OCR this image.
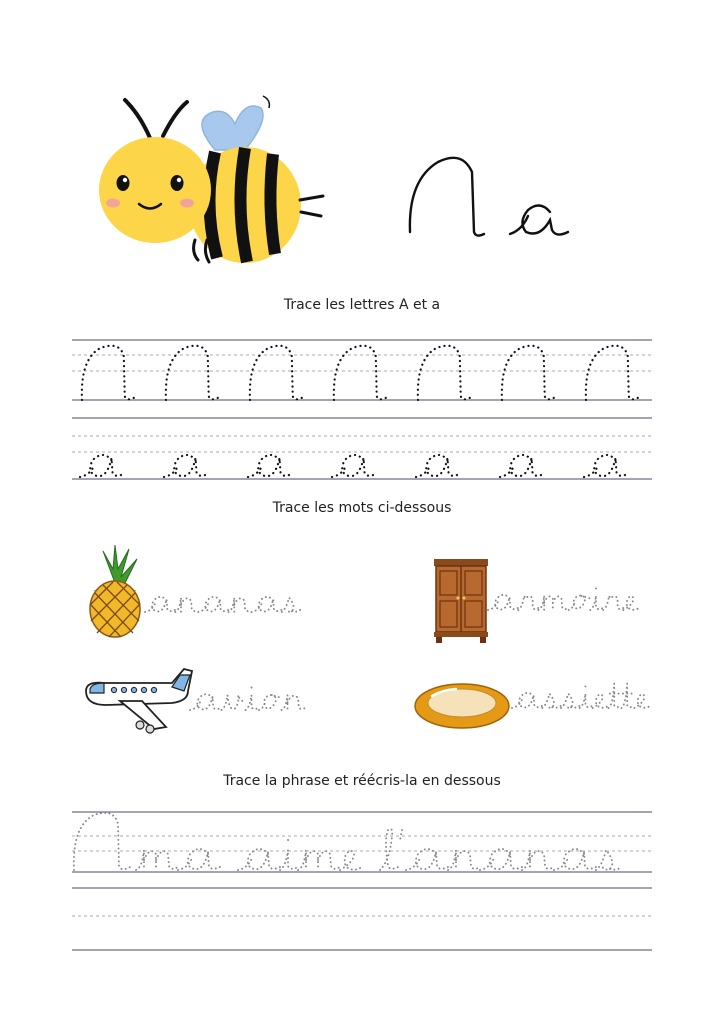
Trace les lettres A et a
Trace les mots ci-dessous
Trace la phrase et réécris-la en dessous
